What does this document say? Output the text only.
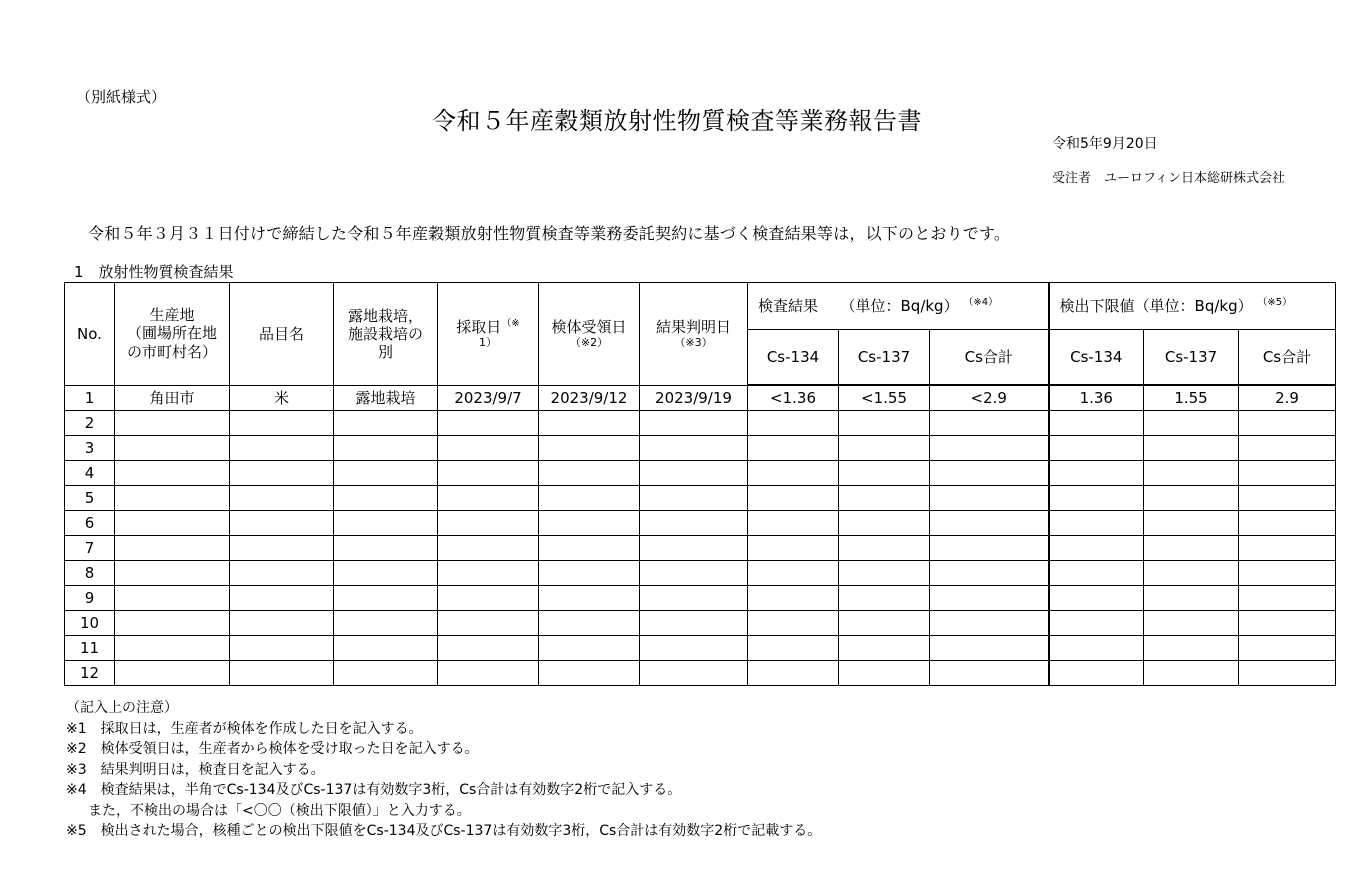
（別紙様式）
令和５年産穀類放射性物質検査等業務報告書
令和5年9月20日
受注者　ユーロフィン日本総研株式会社
令和５年３月３１日付けで締結した令和５年産穀類放射性物質検査等業務委託契約に基づく検査結果等は，以下のとおりです。
1　放射性物質検査結果
No.	生産地
（圃場所在地
の市町村名）	品目名	露地栽培，
施設栽培の
別	採取日（※
1）	検体受領日
（※2）	結果判明日
（※3）	検査結果　　（単位：Bq/kg） $^{(※4)}$			検出下限値（単位：Bq/kg） $^{(※5)}$
							Cs-134	Cs-137	Cs合計	Cs-134	Cs-137	Cs合計
1	角田市	米	露地栽培	2023/9/7	2023/9/12	2023/9/19	<1.36	<1.55	<2.9	1.36	1.55	2.9
2												
3												
4												
5												
6												
7												
8												
9												
10												
11												
12												
（記入上の注意）
※1　採取日は，生産者が検体を作成した日を記入する。
※2　検体受領日は，生産者から検体を受け取った日を記入する。
※3　結果判明日は，検査日を記入する。
※4　検査結果は，半角でCs-134及びCs-137は有効数字3桁，Cs合計は有効数字2桁で記入する。
また，不検出の場合は「<〇〇（検出下限値）」と入力する。
※5　検出された場合，核種ごとの検出下限値をCs-134及びCs-137は有効数字3桁，Cs合計は有効数字2桁で記載する。
